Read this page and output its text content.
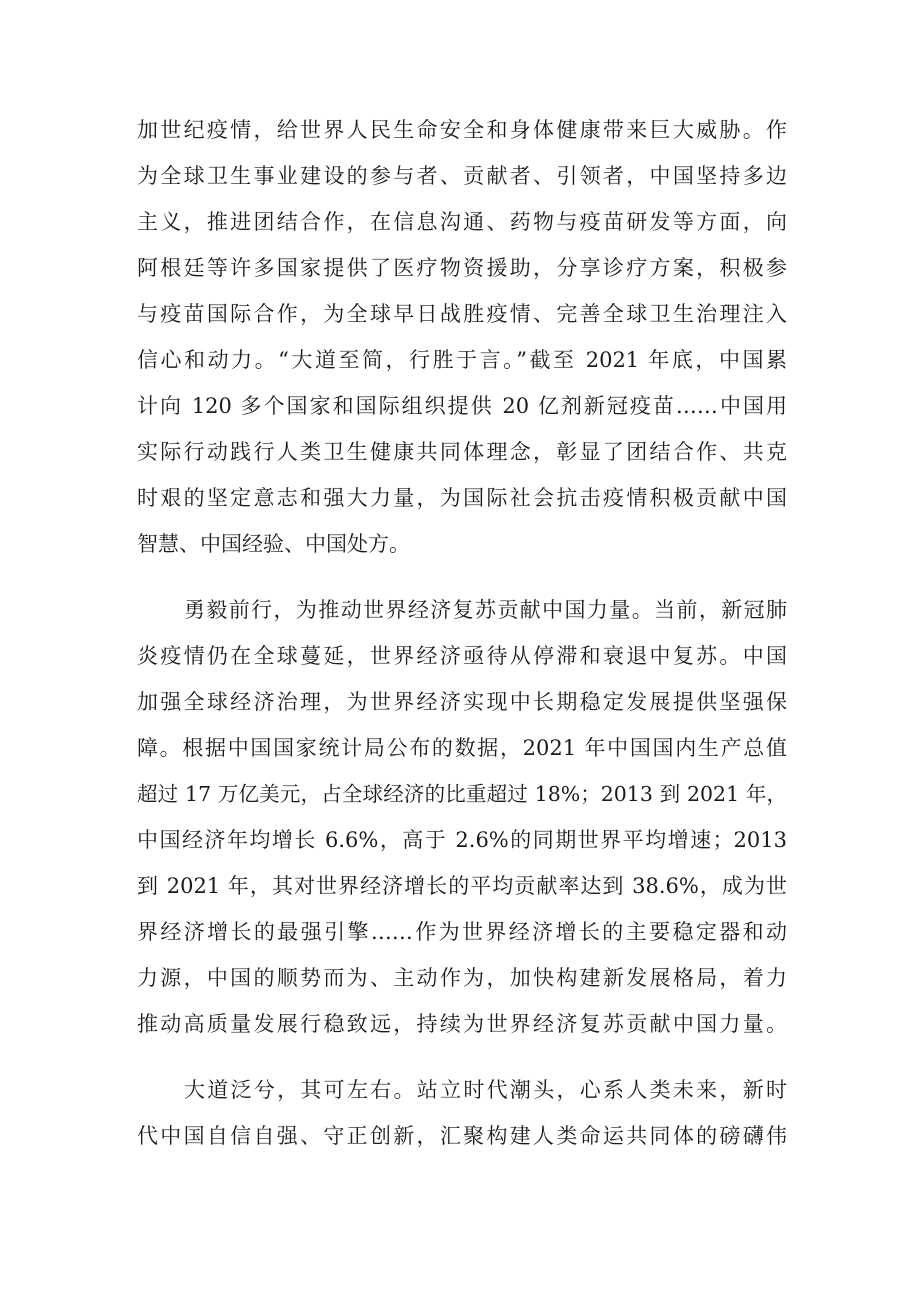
加世纪疫情，给世界人民生命安全和身体健康带来巨大威胁。作
为全球卫生事业建设的参与者、贡献者、引领者，中国坚持多边
主义，推进团结合作，在信息沟通、药物与疫苗研发等方面，向
阿根廷等许多国家提供了医疗物资援助，分享诊疗方案，积极参
与疫苗国际合作，为全球早日战胜疫情、完善全球卫生治理注入
信心和动力。“大道至简，行胜于言。”截至 2021 年底，中国累
计向 120 多个国家和国际组织提供 20 亿剂新冠疫苗……中国用
实际行动践行人类卫生健康共同体理念，彰显了团结合作、共克
时艰的坚定意志和强大力量，为国际社会抗击疫情积极贡献中国
智慧、中国经验、中国处方。
勇毅前行，为推动世界经济复苏贡献中国力量。当前，新冠肺
炎疫情仍在全球蔓延，世界经济亟待从停滞和衰退中复苏。中国
加强全球经济治理，为世界经济实现中长期稳定发展提供坚强保
障。根据中国国家统计局公布的数据，2021 年中国国内生产总值
超过 17 万亿美元，占全球经济的比重超过 18%；2013 到 2021 年，
中国经济年均增长 6.6%，高于 2.6%的同期世界平均增速；2013
到 2021 年，其对世界经济增长的平均贡献率达到 38.6%，成为世
界经济增长的最强引擎……作为世界经济增长的主要稳定器和动
力源，中国的顺势而为、主动作为，加快构建新发展格局，着力
推动高质量发展行稳致远，持续为世界经济复苏贡献中国力量。
大道泛兮，其可左右。站立时代潮头，心系人类未来，新时
代中国自信自强、守正创新，汇聚构建人类命运共同体的磅礴伟
